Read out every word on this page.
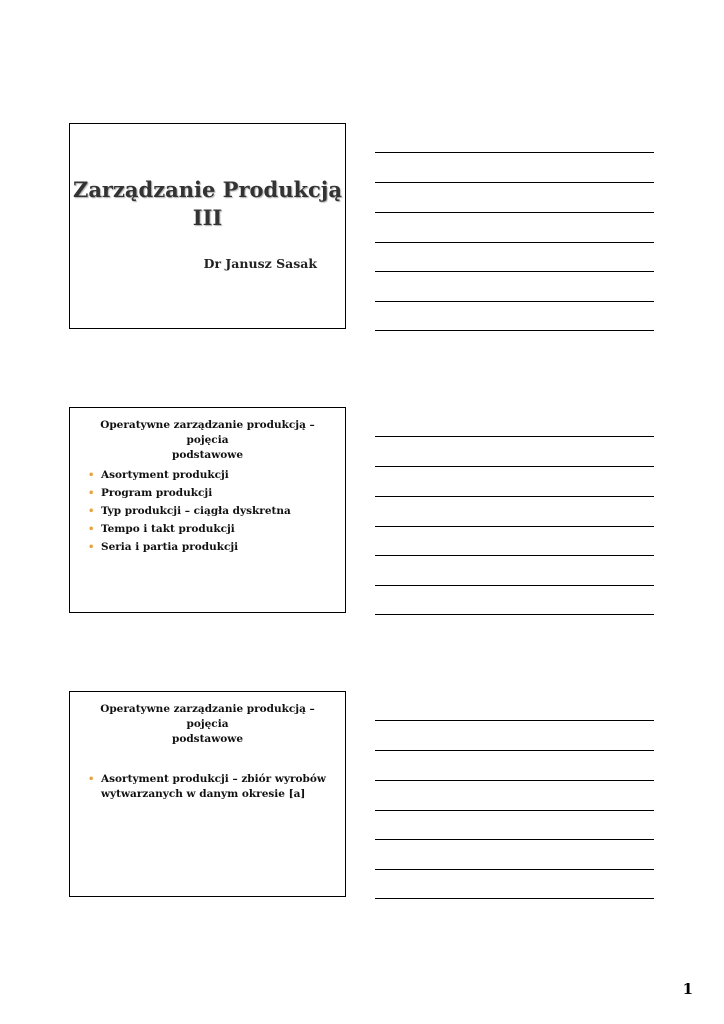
Zarządzanie Produkcją
III
Dr Janusz Sasak
Operatywne zarządzanie produkcją – pojęcia
podstawowe
• Asortyment produkcji
• Program produkcji
• Typ produkcji – ciągła dyskretna
• Tempo i takt produkcji
• Seria i partia produkcji
Operatywne zarządzanie produkcją – pojęcia
podstawowe
• Asortyment produkcji – zbiór wyrobów wytwarzanych w danym okresie [a]
1
